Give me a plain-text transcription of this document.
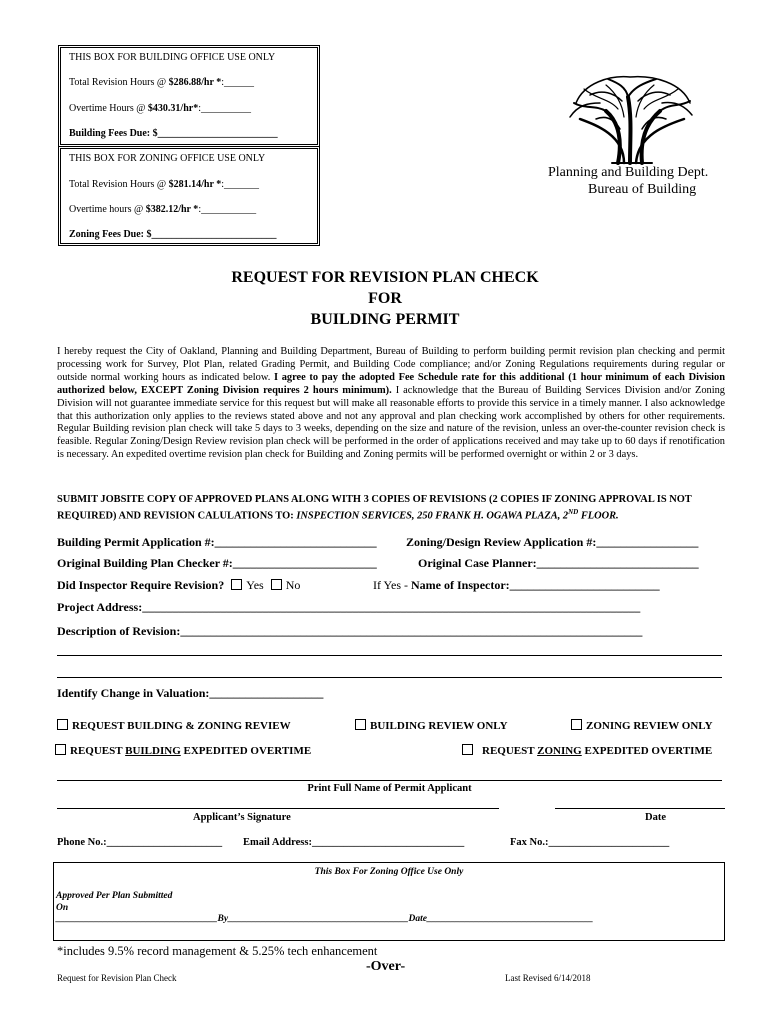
THIS BOX FOR BUILDING OFFICE USE ONLY
Total Revision Hours @ $286.88/hr *:______
Overtime Hours @ $430.31/hr*:__________
Building Fees Due: $________________________
THIS BOX FOR ZONING OFFICE USE ONLY
Total Revision Hours @ $281.14/hr *:_______
Overtime hours @ $382.12/hr *:___________
Zoning Fees Due: $_________________________
Planning and Building Dept.
Bureau of Building
REQUEST FOR REVISION PLAN CHECK
FOR
BUILDING PERMIT
I hereby request the City of Oakland, Planning and Building Department, Bureau of Building to perform building permit revision plan checking and permit processing work for Survey, Plot Plan, related Grading Permit, and Building Code compliance; and/or Zoning Regulations requirements during regular or outside normal working hours as indicated below. I agree to pay the adopted Fee Schedule rate for this additional (1 hour minimum of each Division authorized below, EXCEPT Zoning Division requires 2 hours minimum). I acknowledge that the Bureau of Building Services Division and/or Zoning Division will not guarantee immediate service for this request but will make all reasonable efforts to provide this service in a timely manner. I also acknowledge that this authorization only applies to the reviews stated above and not any approval and plan checking work accomplished by others for other requirements. Regular Building revision plan check will take 5 days to 3 weeks, depending on the size and nature of the revision, unless an over-the-counter revision check is feasible. Regular Zoning/Design Review revision plan check will be performed in the order of applications received and may take up to 60 days if renotification is necessary. An expedited overtime revision plan check for Building and Zoning permits will be performed overnight or within 2 or 3 days.
SUBMIT JOBSITE COPY OF APPROVED PLANS ALONG WITH 3 COPIES OF REVISIONS (2 COPIES IF ZONING APPROVAL IS NOT REQUIRED) AND REVISION CALULATIONS TO: INSPECTION SERVICES, 250 FRANK H. OGAWA PLAZA, 2ND FLOOR.
Building Permit Application #:___________________________ Zoning/Design Review Application #:_________________
Original Building Plan Checker #:________________________	Original Case Planner:___________________________
Did Inspector Require Revision? Yes No	If Yes - Name of Inspector:_________________________
Project Address:___________________________________________________________________________________
Description of Revision:_____________________________________________________________________________
Identify Change in Valuation:___________________
REQUEST BUILDING & ZONING REVIEW	BUILDING REVIEW ONLY	ZONING REVIEW ONLY
REQUEST BUILDING EXPEDITED OVERTIME	REQUEST ZONING EXPEDITED OVERTIME
Print Full Name of Permit Applicant
Applicant’s Signature	Date
Phone No.:______________________ Email Address:_____________________________	Fax No.:_______________________
This Box For Zoning Office Use Only
Approved Per Plan Submitted
On
__________________________________By______________________________________Date___________________________________
*includes 9.5% record management & 5.25% tech enhancement
-Over-
Request for Revision Plan Check	Last Revised 6/14/2018
